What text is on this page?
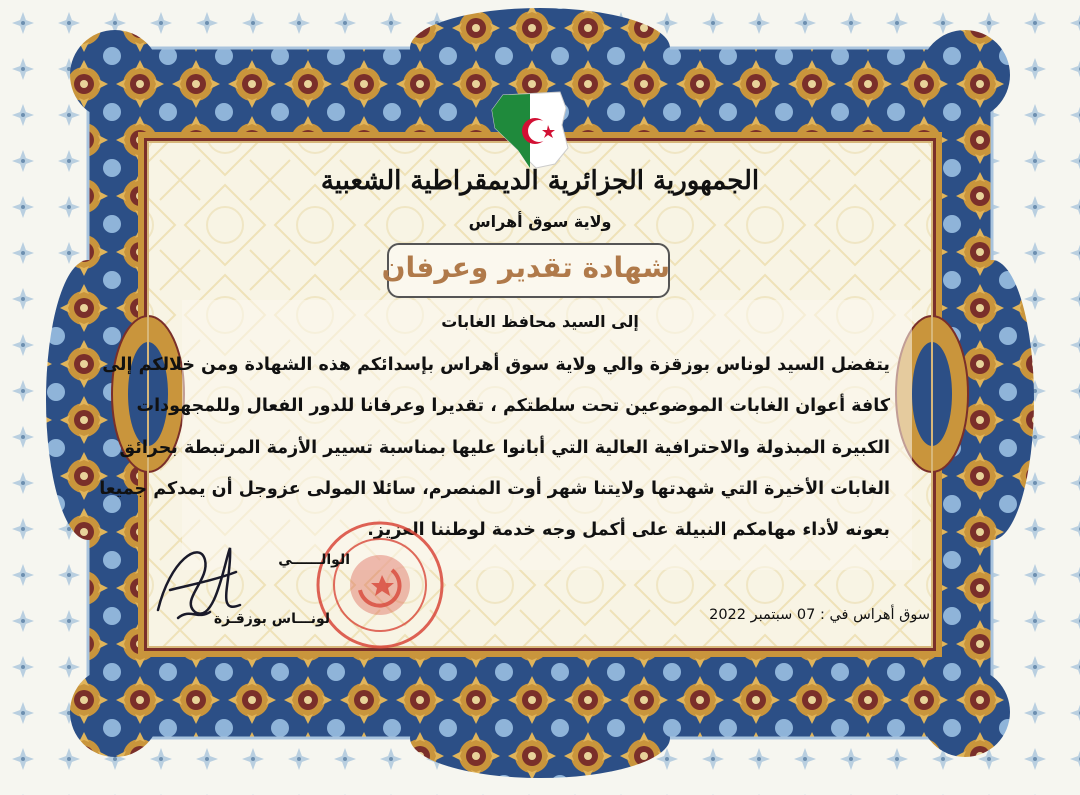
الجمهورية الجزائرية الديمقراطية الشعبية
ولاية سوق أهراس
شهادة تقدير وعرفان
إلى السيد محافظ الغابات
يتفضل السيد لوناس بوزقزة والي ولاية سوق أهراس بإسدائكم هذه الشهادة ومن خلالكم إلى
كافة أعوان الغابات الموضوعين تحت سلطتكم ، تقديرا وعرفانا للدور الفعال وللمجهودات
الكبيرة المبذولة والاحترافية العالية التي أبانوا عليها بمناسبة تسيير الأزمة المرتبطة بحرائق
الغابات الأخيرة التي شهدتها ولايتنا شهر أوت المنصرم، سائلا المولى عزوجل أن يمدكم جميعا
بعونه لأداء مهامكم النبيلة على أكمل وجه خدمة لوطننا العزيز.
الوالــــــي
لونـــاس بوزقـزة	سوق أهراس في : 07 سبتمبر 2022
